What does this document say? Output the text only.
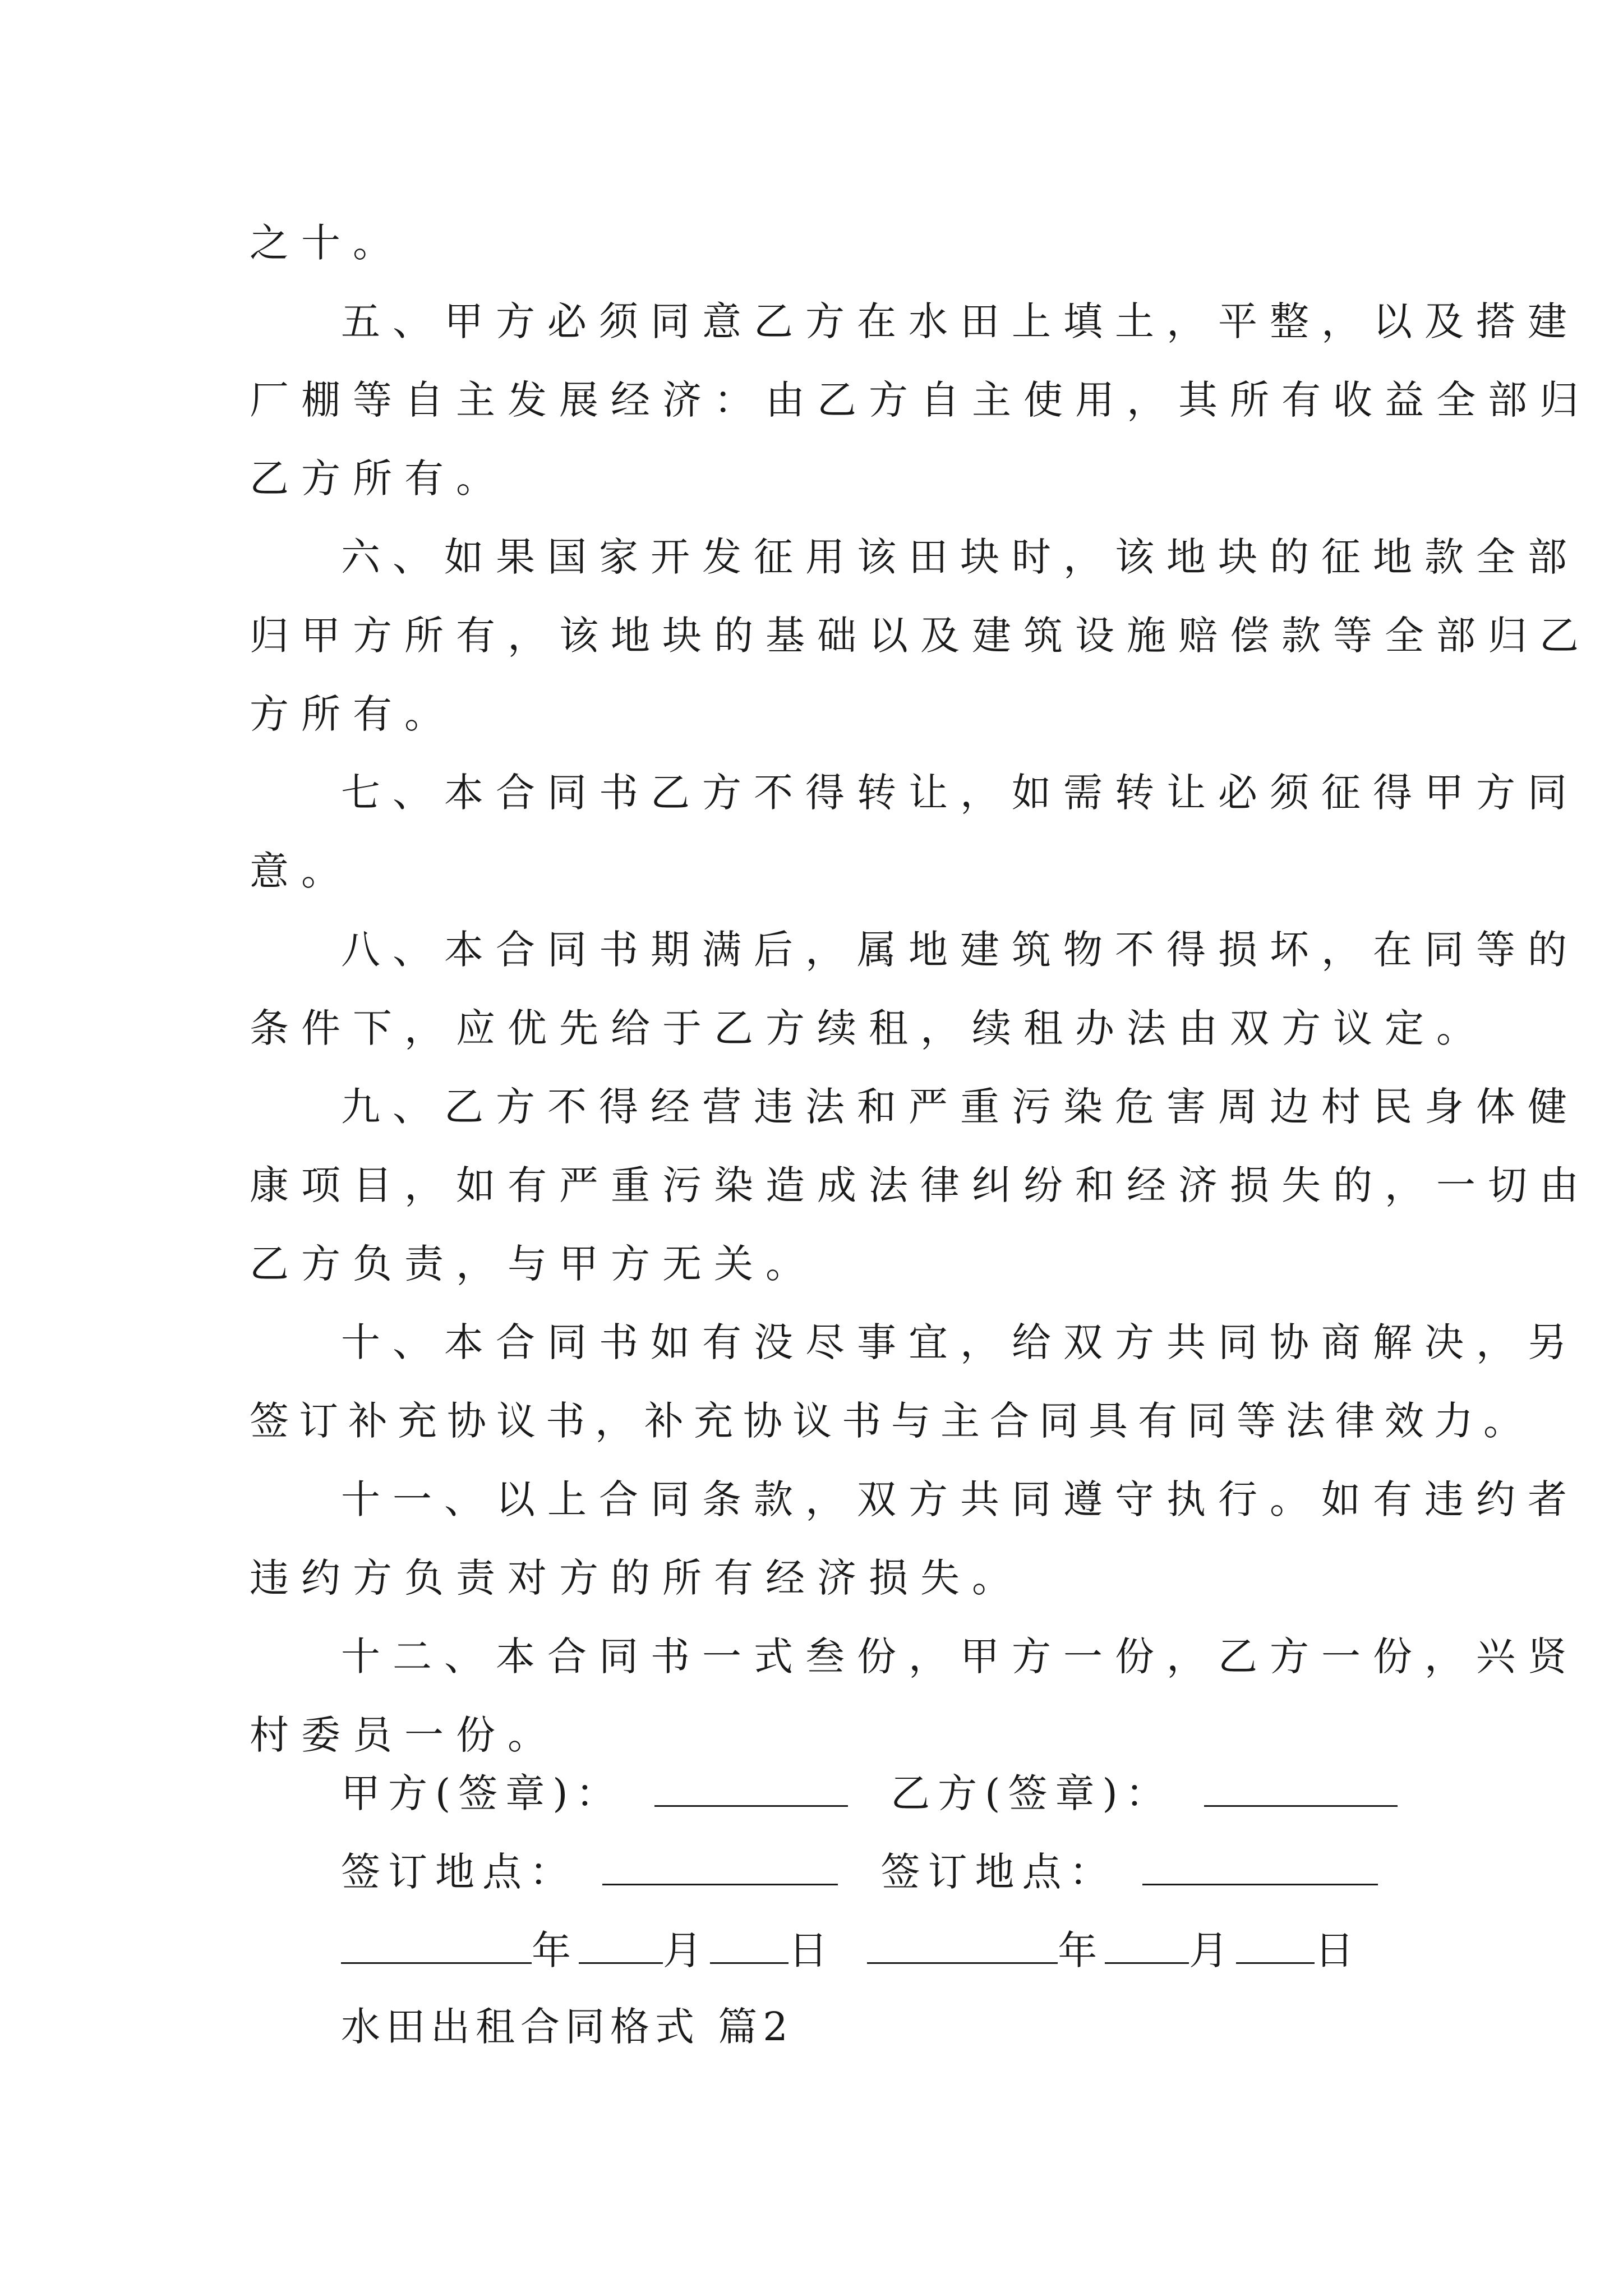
之十。
五、甲方必须同意乙方在水田上填土，平整，以及搭建
厂棚等自主发展经济：由乙方自主使用，其所有收益全部归
乙方所有。
六、如果国家开发征用该田块时，该地块的征地款全部
归甲方所有，该地块的基础以及建筑设施赔偿款等全部归乙
方所有。
七、本合同书乙方不得转让，如需转让必须征得甲方同
意。
八、本合同书期满后，属地建筑物不得损坏，在同等的
条件下，应优先给于乙方续租，续租办法由双方议定。
九、乙方不得经营违法和严重污染危害周边村民身体健
康项目，如有严重污染造成法律纠纷和经济损失的，一切由
乙方负责，与甲方无关。
十、本合同书如有没尽事宜，给双方共同协商解决，另
签订补充协议书，补充协议书与主合同具有同等法律效力。
十一、以上合同条款，双方共同遵守执行。如有违约者
违约方负责对方的所有经济损失。
十二、本合同书一式叁份，甲方一份，乙方一份，兴贤
村委员一份。
甲方(签章)：	乙方(签章)：
签订地点：	签订地点：
年 月 日	年 月 日
水田出租合同格式 篇2
